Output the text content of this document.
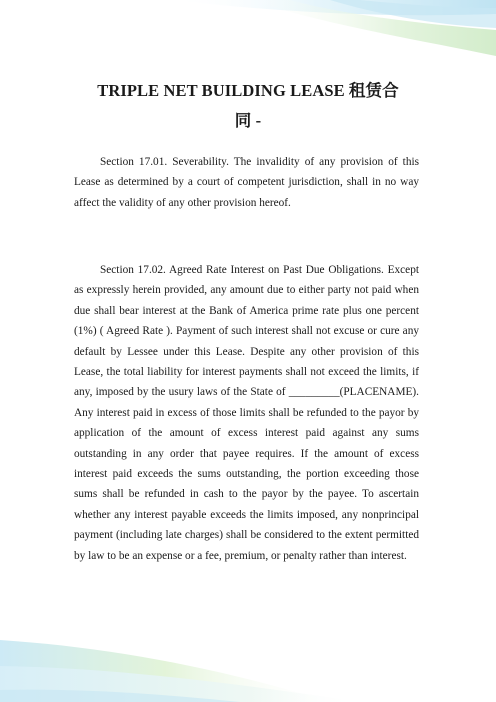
TRIPLE NET BUILDING LEASE 租赁合
同 -

Section 17.01. Severability. The invalidity of any provision of this Lease as determined by a court of competent jurisdiction, shall in no way affect the validity of any other provision hereof.

Section 17.02. Agreed Rate Interest on Past Due Obligations. Except as expressly herein provided, any amount due to either party not paid when due shall bear interest at the Bank of America prime rate plus one percent (1%) ( Agreed Rate ). Payment of such interest shall not excuse or cure any default by Lessee under this Lease. Despite any other provision of this Lease, the total liability for interest payments shall not exceed the limits, if any, imposed by the usury laws of the State of _________(PLACENAME). Any interest paid in excess of those limits shall be refunded to the payor by application of the amount of excess interest paid against any sums outstanding in any order that payee requires. If the amount of excess interest paid exceeds the sums outstanding, the portion exceeding those sums shall be refunded in cash to the payor by the payee. To ascertain whether any interest payable exceeds the limits imposed, any nonprincipal payment (including late charges) shall be considered to the extent permitted by law to be an expense or a fee, premium, or penalty rather than interest.
